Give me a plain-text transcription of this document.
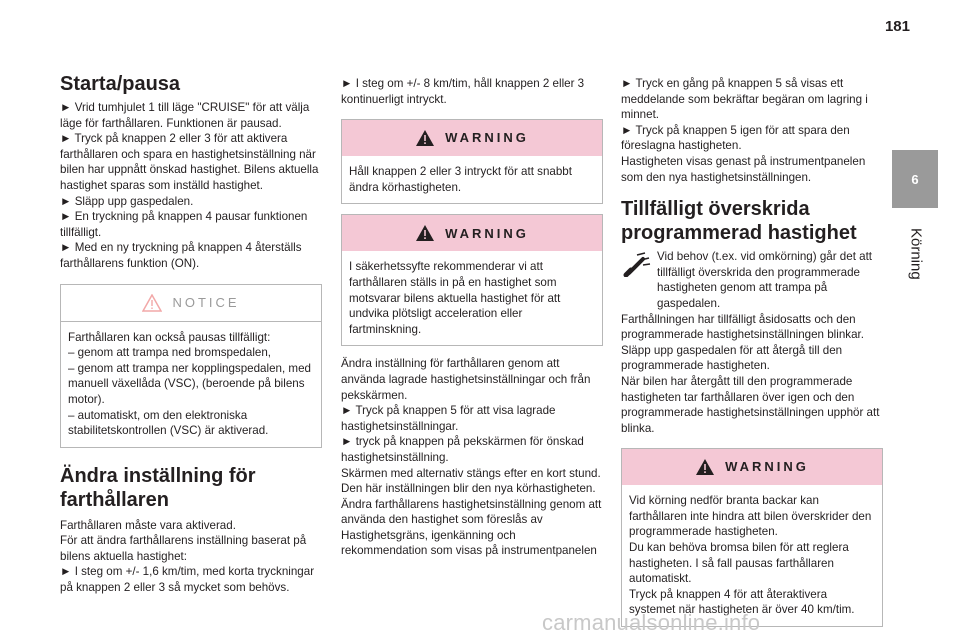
181
6
Körning
Starta/pausa

► Vrid tumhjulet 1 till läge "CRUISE" för att välja läge för farthållaren. Funktionen är pausad.

► Tryck på knappen 2 eller 3 för att aktivera farthållaren och spara en hastighetsinställning när bilen har uppnått önskad hastighet. Bilens aktuella hastighet sparas som inställd hastighet.

► Släpp upp gaspedalen.

► En tryckning på knappen 4 pausar funktionen tillfälligt.

► Med en ny tryckning på knappen 4 återställs farthållarens funktion (ON).

NOTICE

Farthållaren kan också pausas tillfälligt:

– genom att trampa ned bromspedalen,

– genom att trampa ner kopplingspedalen, med manuell växellåda (VSC), (beroende på bilens motor).

– automatiskt, om den elektroniska stabilitetskontrollen (VSC) är aktiverad.

Ändra inställning för farthållaren

Farthållaren måste vara aktiverad.

För att ändra farthållarens inställning baserat på bilens aktuella hastighet:

► I steg om +/- 1,6 km/tim, med korta tryckningar på knappen 2 eller 3 så mycket som behövs.

► I steg om +/- 8 km/tim, håll knappen 2 eller 3 kontinuerligt intryckt.

WARNING

Håll knappen 2 eller 3 intryckt för att snabbt ändra körhastigheten.

WARNING

I säkerhetssyfte rekommenderar vi att farthållaren ställs in på en hastighet som motsvarar bilens aktuella hastighet för att undvika plötsligt acceleration eller fartminskning.

Ändra inställning för farthållaren genom att använda lagrade hastighetsinställningar och från pekskärmen.

► Tryck på knappen 5 för att visa lagrade hastighetsinställningar.

► tryck på knappen på pekskärmen för önskad hastighetsinställning.

Skärmen med alternativ stängs efter en kort stund.

Den här inställningen blir den nya körhastigheten.

Ändra farthållarens hastighetsinställning genom att använda den hastighet som föreslås av Hastighetsgräns, igenkänning och rekommendation som visas på instrumentpanelen

► Tryck en gång på knappen 5 så visas ett meddelande som bekräftar begäran om lagring i minnet.

► Tryck på knappen 5 igen för att spara den föreslagna hastigheten.

Hastigheten visas genast på instrumentpanelen som den nya hastighetsinställningen.

Tillfälligt överskrida programmerad hastighet

Vid behov (t.ex. vid omkörning) går det att tillfälligt överskrida den programmerade hastigheten genom att trampa på gaspedalen.

Farthållningen har tillfälligt åsidosatts och den programmerade hastighetsinställningen blinkar.

Släpp upp gaspedalen för att återgå till den programmerade hastigheten.

När bilen har återgått till den programmerade hastigheten tar farthållaren över igen och den programmerade hastighetsinställningen upphör att blinka.

WARNING

Vid körning nedför branta backar kan farthållaren inte hindra att bilen överskrider den programmerade hastigheten.

Du kan behöva bromsa bilen för att reglera hastigheten. I så fall pausas farthållaren automatiskt.

Tryck på knappen 4 för att återaktivera systemet när hastigheten är över 40 km/tim.

carmanualsonline.info
